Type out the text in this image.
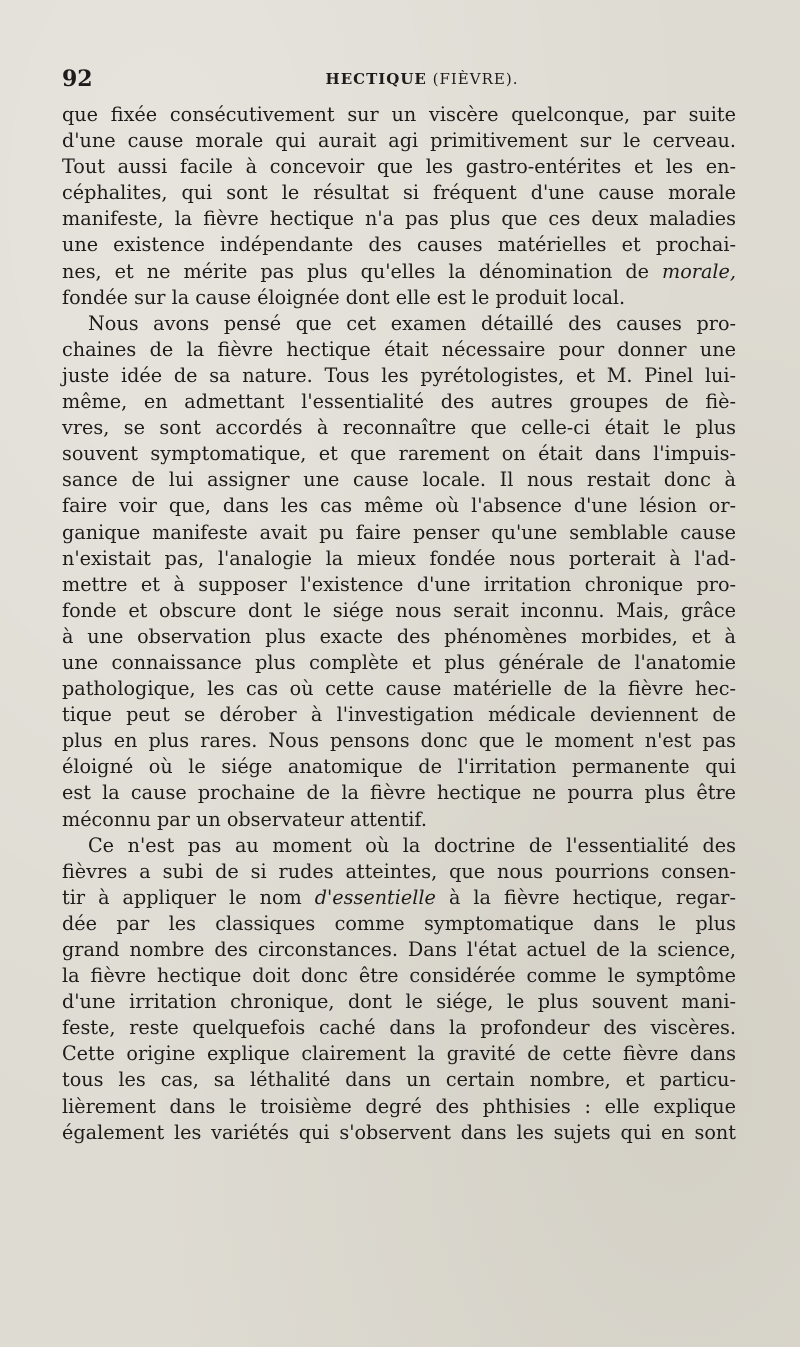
92	HECTIQUE (FIÈVRE).
que fixée consécutivement sur un viscère quelconque, par suite
d'une cause morale qui aurait agi primitivement sur le cerveau.
Tout aussi facile à concevoir que les gastro-entérites et les en-
céphalites, qui sont le résultat si fréquent d'une cause morale
manifeste, la fièvre hectique n'a pas plus que ces deux maladies
une existence indépendante des causes matérielles et prochai-
nes, et ne mérite pas plus qu'elles la dénomination de morale,
fondée sur la cause éloignée dont elle est le produit local.
Nous avons pensé que cet examen détaillé des causes pro-
chaines de la fièvre hectique était nécessaire pour donner une
juste idée de sa nature. Tous les pyrétologistes, et M. Pinel lui-
même, en admettant l'essentialité des autres groupes de fiè-
vres, se sont accordés à reconnaître que celle-ci était le plus
souvent symptomatique, et que rarement on était dans l'impuis-
sance de lui assigner une cause locale. Il nous restait donc à
faire voir que, dans les cas même où l'absence d'une lésion or-
ganique manifeste avait pu faire penser qu'une semblable cause
n'existait pas, l'analogie la mieux fondée nous porterait à l'ad-
mettre et à supposer l'existence d'une irritation chronique pro-
fonde et obscure dont le siége nous serait inconnu. Mais, grâce
à une observation plus exacte des phénomènes morbides, et à
une connaissance plus complète et plus générale de l'anatomie
pathologique, les cas où cette cause matérielle de la fièvre hec-
tique peut se dérober à l'investigation médicale deviennent de
plus en plus rares. Nous pensons donc que le moment n'est pas
éloigné où le siége anatomique de l'irritation permanente qui
est la cause prochaine de la fièvre hectique ne pourra plus être
méconnu par un observateur attentif.
Ce n'est pas au moment où la doctrine de l'essentialité des
fièvres a subi de si rudes atteintes, que nous pourrions consen-
tir à appliquer le nom d'essentielle à la fièvre hectique, regar-
dée par les classiques comme symptomatique dans le plus
grand nombre des circonstances. Dans l'état actuel de la science,
la fièvre hectique doit donc être considérée comme le symptôme
d'une irritation chronique, dont le siége, le plus souvent mani-
feste, reste quelquefois caché dans la profondeur des viscères.
Cette origine explique clairement la gravité de cette fièvre dans
tous les cas, sa léthalité dans un certain nombre, et particu-
lièrement dans le troisième degré des phthisies : elle explique
également les variétés qui s'observent dans les sujets qui en sont
